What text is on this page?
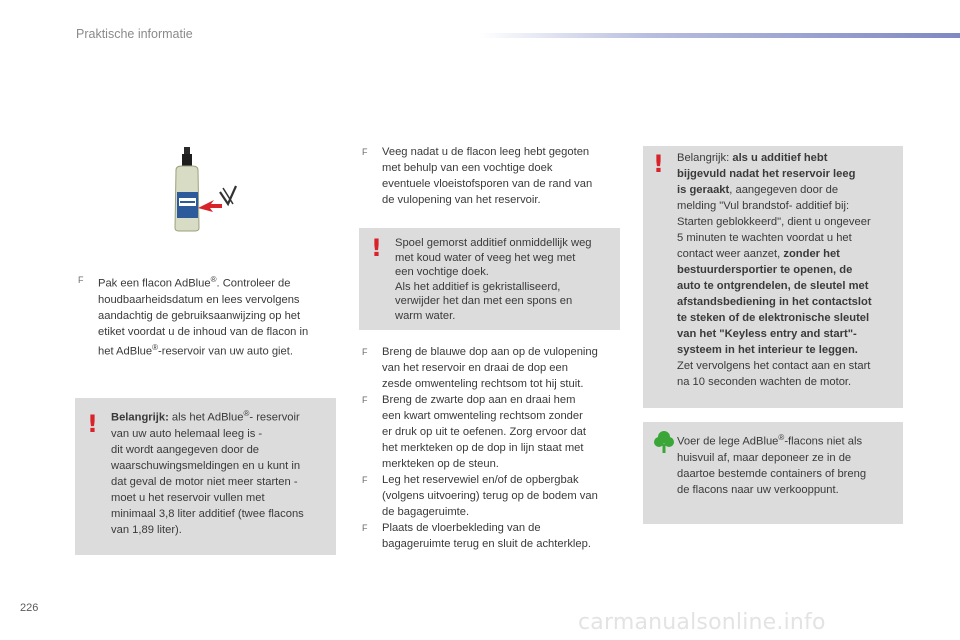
Praktische informatie
F Pak een flacon AdBlue®. Controleer de
houdbaarheidsdatum en lees vervolgens
aandachtig de gebruiksaanwijzing op het
etiket voordat u de inhoud van de flacon in
het AdBlue®-reservoir van uw auto giet.
! Belangrijk: als het AdBlue®- reservoir
van uw auto helemaal leeg is -
dit wordt aangegeven door de
waarschuwingsmeldingen en u kunt in
dat geval de motor niet meer starten -
moet u het reservoir vullen met
minimaal 3,8 liter additief (twee flacons
van 1,89 liter).
F Veeg nadat u de flacon leeg hebt gegoten
met behulp van een vochtige doek
eventuele vloeistofsporen van de rand van
de vulopening van het reservoir.
! Spoel gemorst additief onmiddellijk weg
met koud water of veeg het weg met
een vochtige doek.
Als het additief is gekristalliseerd,
verwijder het dan met een spons en
warm water.
F Breng de blauwe dop aan op de vulopening
van het reservoir en draai de dop een
zesde omwenteling rechtsom tot hij stuit.
F Breng de zwarte dop aan en draai hem
een kwart omwenteling rechtsom zonder
er druk op uit te oefenen. Zorg ervoor dat
het merkteken op de dop in lijn staat met
merkteken op de steun.
F Leg het reservewiel en/of de opbergbak
(volgens uitvoering) terug op de bodem van
de bagageruimte.
F Plaats de vloerbekleding van de
bagageruimte terug en sluit de achterklep.
! Belangrijk: als u additief hebt
bijgevuld nadat het reservoir leeg
is geraakt, aangegeven door de
melding "Vul brandstof- additief bij:
Starten geblokkeerd", dient u ongeveer
5 minuten te wachten voordat u het
contact weer aanzet, zonder het
bestuurdersportier te openen, de
auto te ontgrendelen, de sleutel met
afstandsbediening in het contactslot
te steken of de elektronische sleutel
van het "Keyless entry and start"-
systeem in het interieur te leggen.
Zet vervolgens het contact aan en start
na 10 seconden wachten de motor.
Voer de lege AdBlue®-flacons niet als
huisvuil af, maar deponeer ze in de
daartoe bestemde containers of breng
de flacons naar uw verkooppunt.
226
carmanualsonline.info
